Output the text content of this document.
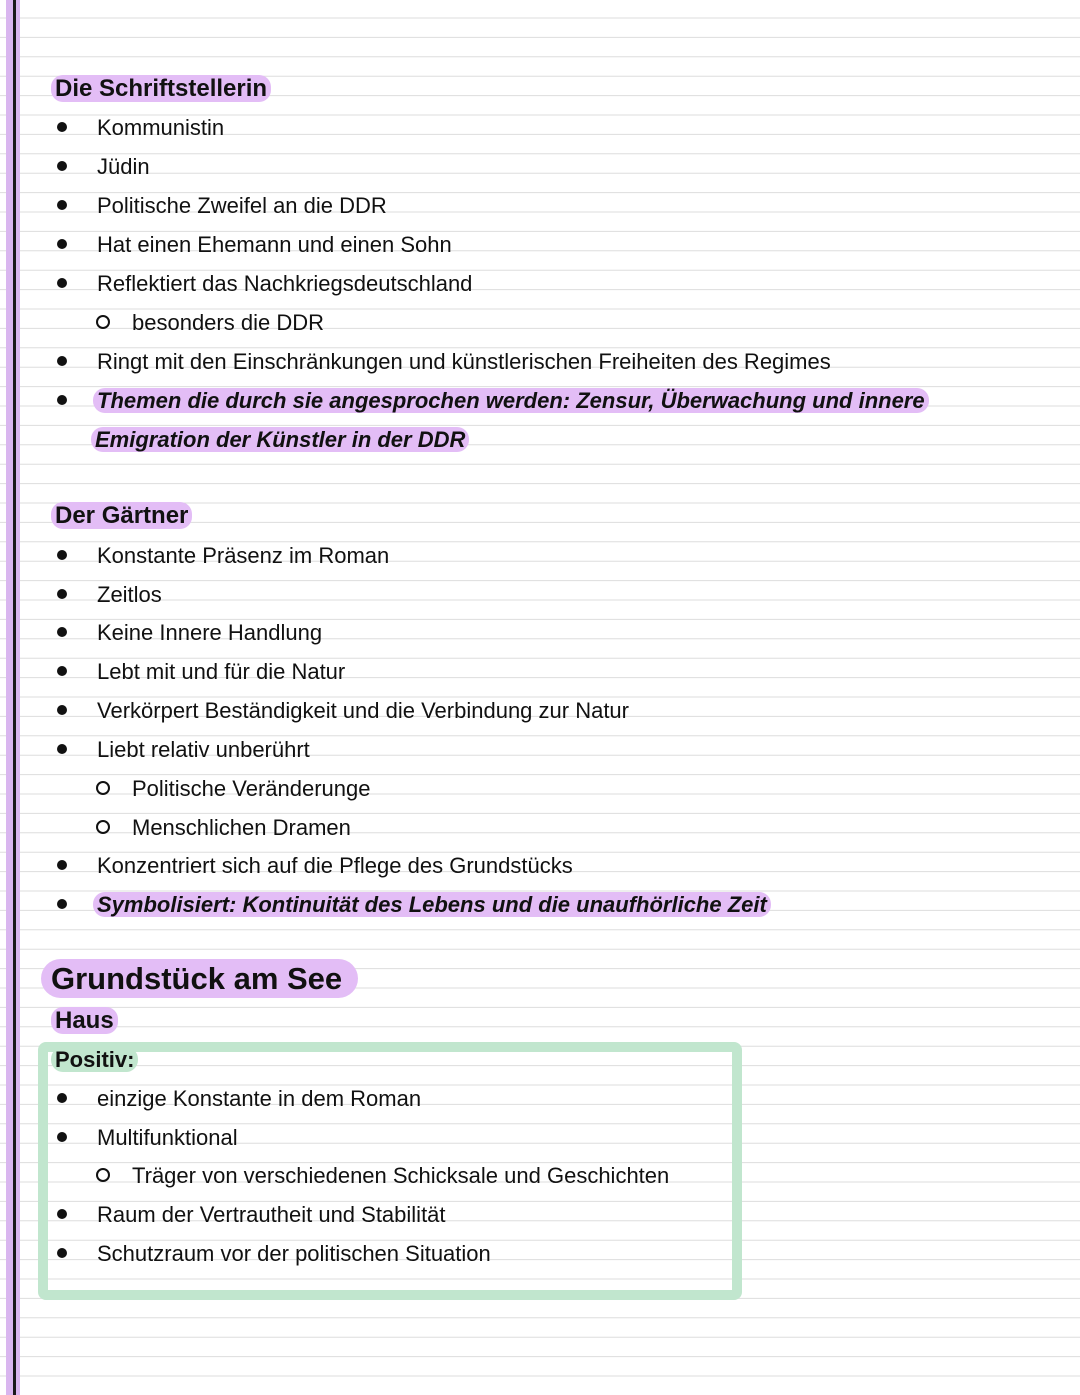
Die Schriftstellerin
Kommunistin
Jüdin
Politische Zweifel an die DDR
Hat einen Ehemann und einen Sohn
Reflektiert das Nachkriegsdeutschland
besonders die DDR
Ringt mit den Einschränkungen und künstlerischen Freiheiten des Regimes
Themen die durch sie angesprochen werden: Zensur, Überwachung und innere
Emigration der Künstler in der DDR
Der Gärtner
Konstante Präsenz im Roman
Zeitlos
Keine Innere Handlung
Lebt mit und für die Natur
Verkörpert Beständigkeit und die Verbindung zur Natur
Liebt relativ unberührt
Politische Veränderunge
Menschlichen Dramen
Konzentriert sich auf die Pflege des Grundstücks
Symbolisiert: Kontinuität des Lebens und die unaufhörliche Zeit
Grundstück am See
Haus
Positiv:
einzige Konstante in dem Roman
Multifunktional
Träger von verschiedenen Schicksale und Geschichten
Raum der Vertrautheit und Stabilität
Schutzraum vor der politischen Situation
